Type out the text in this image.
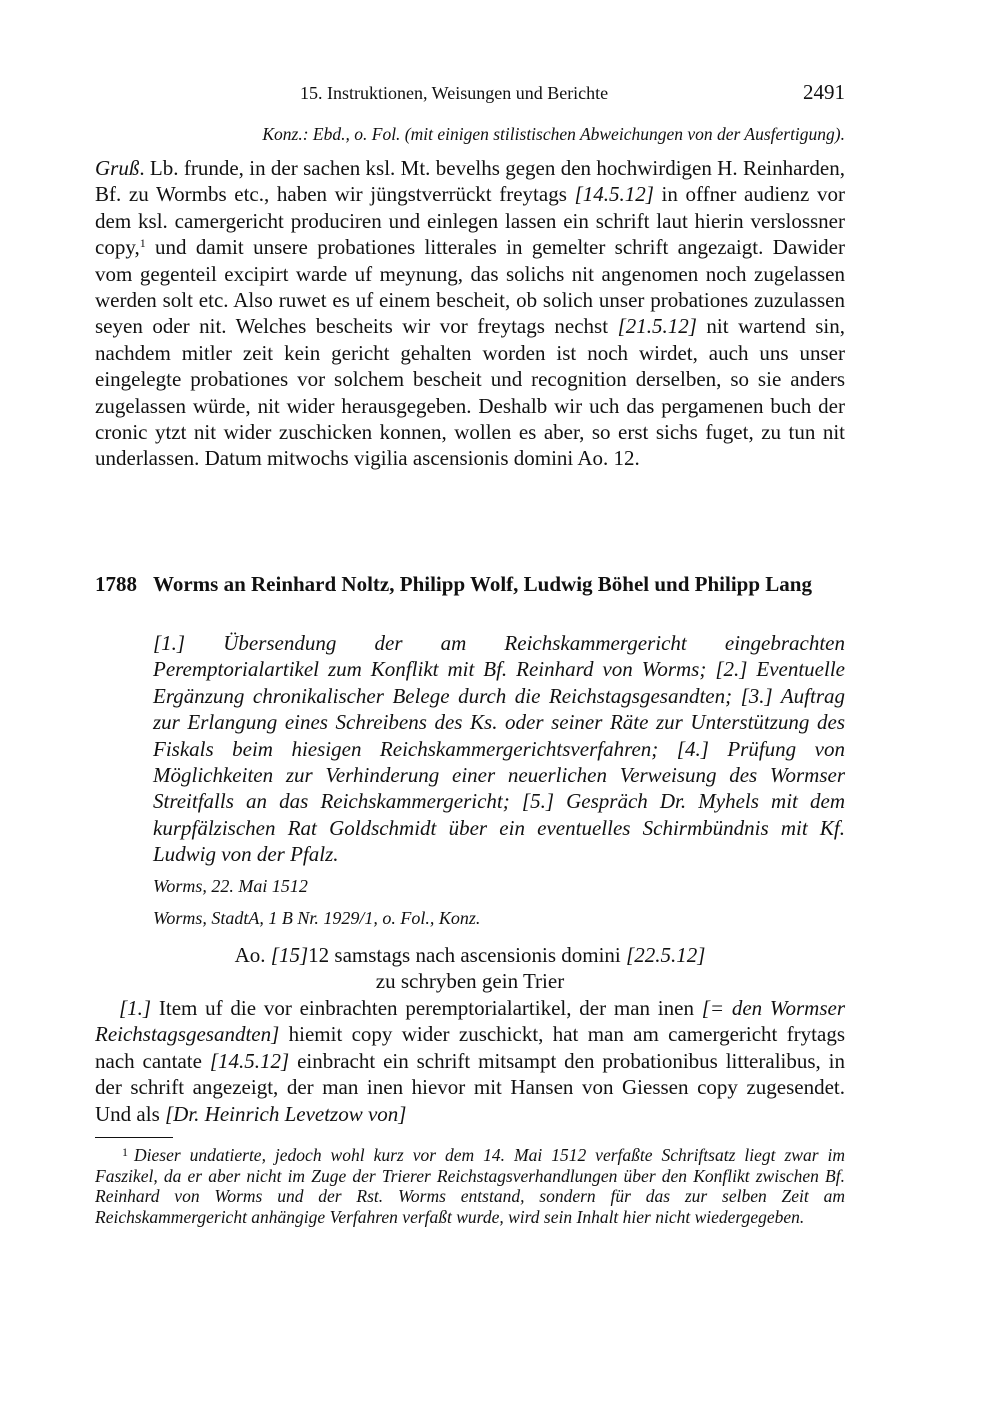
15. Instruktionen, Weisungen und Berichte	2491
Konz.: Ebd., o. Fol. (mit einigen stilistischen Abweichungen von der Ausfertigung).
Gruß. Lb. frunde, in der sachen ksl. Mt. bevelhs gegen den hochwirdigen H. Reinharden, Bf. zu Wormbs etc., haben wir jüngstverrückt freytags [14.5.12] in offner audienz vor dem ksl. camergericht produciren und einlegen lassen ein schrift laut hierin verslossner copy,$^1$ und damit unsere probationes litterales in gemelter schrift angezaigt. Dawider vom gegenteil excipirt warde uf meynung, das solichs nit angenomen noch zugelassen werden solt etc. Also ruwet es uf einem bescheit, ob solich unser probationes zuzulassen seyen oder nit. Welches bescheits wir vor freytags nechst [21.5.12] nit wartend sin, nachdem mitler zeit kein gericht gehalten worden ist noch wirdet, auch uns unser eingelegte probationes vor solchem bescheit und recognition derselben, so sie anders zugelassen würde, nit wider herausgegeben. Deshalb wir uch das pergamenen buch der cronic ytzt nit wider zuschicken konnen, wollen es aber, so erst sichs fuget, zu tun nit underlassen. Datum mitwochs vigilia ascensionis domini Ao. 12.
1788 Worms an Reinhard Noltz, Philipp Wolf, Ludwig Böhel und Philipp Lang
[1.] Übersendung der am Reichskammergericht eingebrachten Peremptorialartikel zum Konflikt mit Bf. Reinhard von Worms; [2.] Eventuelle Ergänzung chronikalischer Belege durch die Reichstagsgesandten; [3.] Auftrag zur Erlangung eines Schreibens des Ks. oder seiner Räte zur Unterstützung des Fiskals beim hiesigen Reichskammergerichtsverfahren; [4.] Prüfung von Möglichkeiten zur Verhinderung einer neuerlichen Verweisung des Wormser Streitfalls an das Reichskammergericht; [5.] Gespräch Dr. Myhels mit dem kurpfälzischen Rat Goldschmidt über ein eventuelles Schirmbündnis mit Kf. Ludwig von der Pfalz.
Worms, 22. Mai 1512
Worms, StadtA, 1 B Nr. 1929/1, o. Fol., Konz.
Ao. [15]12 samstags nach ascensionis domini [22.5.12]
zu schryben gein Trier
[1.] Item uf die vor einbrachten peremptorialartikel, der man inen [= den Wormser Reichstagsgesandten] hiemit copy wider zuschickt, hat man am camergericht frytags nach cantate [14.5.12] einbracht ein schrift mitsampt den probationibus litteralibus, in der schrift angezeigt, der man inen hievor mit Hansen von Giessen copy zugesendet. Und als [Dr. Heinrich Levetzow von]
$^1$ Dieser undatierte, jedoch wohl kurz vor dem 14. Mai 1512 verfaßte Schriftsatz liegt zwar im Faszikel, da er aber nicht im Zuge der Trierer Reichstagsverhandlungen über den Konflikt zwischen Bf. Reinhard von Worms und der Rst. Worms entstand, sondern für das zur selben Zeit am Reichskammergericht anhängige Verfahren verfaßt wurde, wird sein Inhalt hier nicht wiedergegeben.
